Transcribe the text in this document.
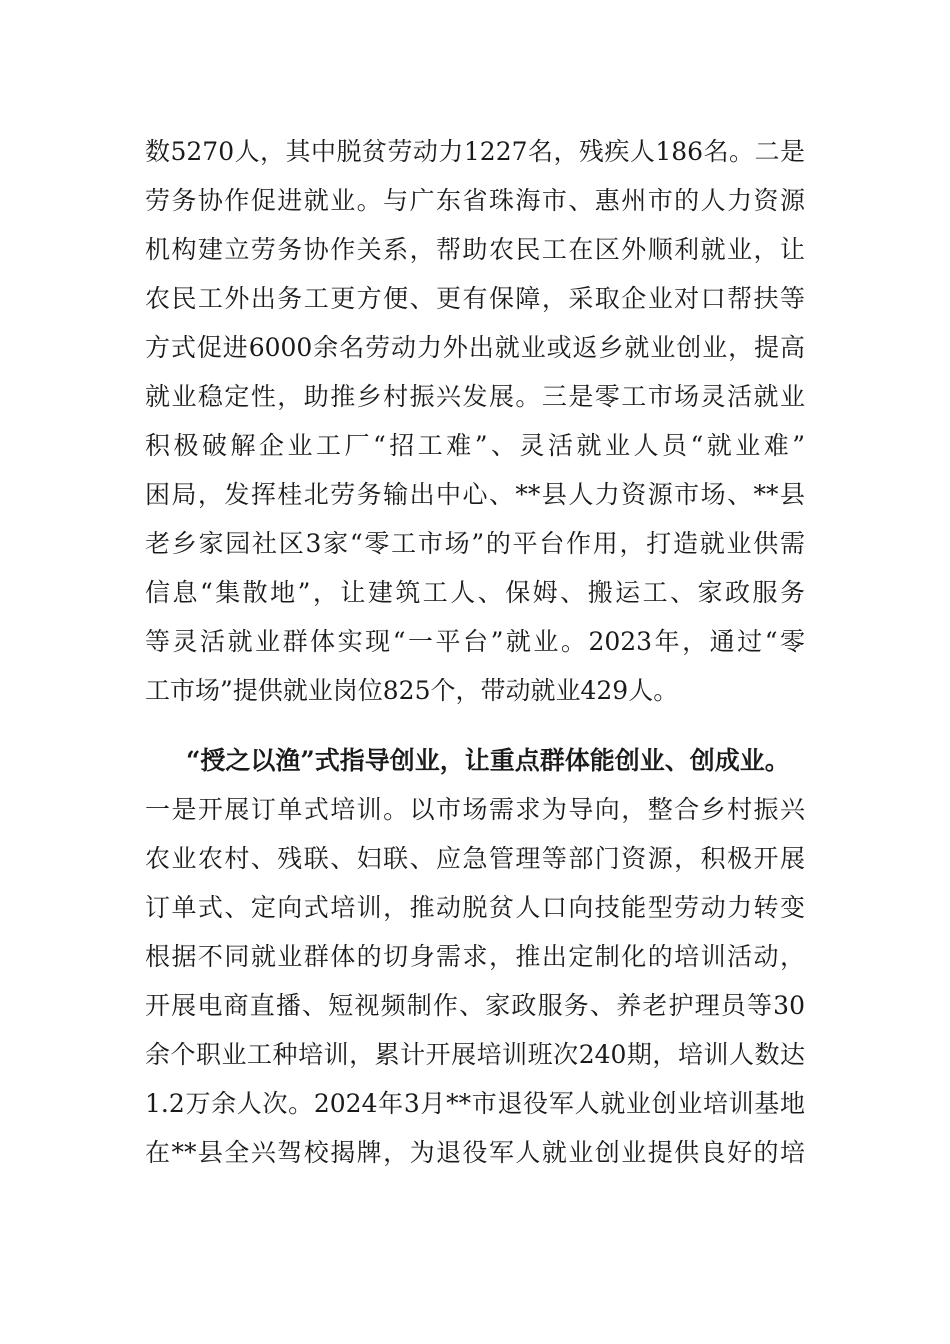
数5270人，其中脱贫劳动力1227名，残疾人186名。二是
劳务协作促进就业。与广东省珠海市、惠州市的人力资源
机构建立劳务协作关系，帮助农民工在区外顺利就业，让
农民工外出务工更方便、更有保障，采取企业对口帮扶等
方式促进6000余名劳动力外出就业或返乡就业创业，提高
就业稳定性，助推乡村振兴发展。三是零工市场灵活就业
积极破解企业工厂“招工难”、灵活就业人员“就业难”
困局，发挥桂北劳务输出中心、**县人力资源市场、**县
老乡家园社区3家“零工市场”的平台作用，打造就业供需
信息“集散地”，让建筑工人、保姆、搬运工、家政服务
等灵活就业群体实现“一平台”就业。2023年，通过“零
工市场”提供就业岗位825个，带动就业429人。
“授之以渔”式指导创业，让重点群体能创业、创成业。
一是开展订单式培训。以市场需求为导向，整合乡村振兴
农业农村、残联、妇联、应急管理等部门资源，积极开展
订单式、定向式培训，推动脱贫人口向技能型劳动力转变
根据不同就业群体的切身需求，推出定制化的培训活动，
开展电商直播、短视频制作、家政服务、养老护理员等30
余个职业工种培训，累计开展培训班次240期，培训人数达
1.2万余人次。2024年3月**市退役军人就业创业培训基地
在**县全兴驾校揭牌，为退役军人就业创业提供良好的培
